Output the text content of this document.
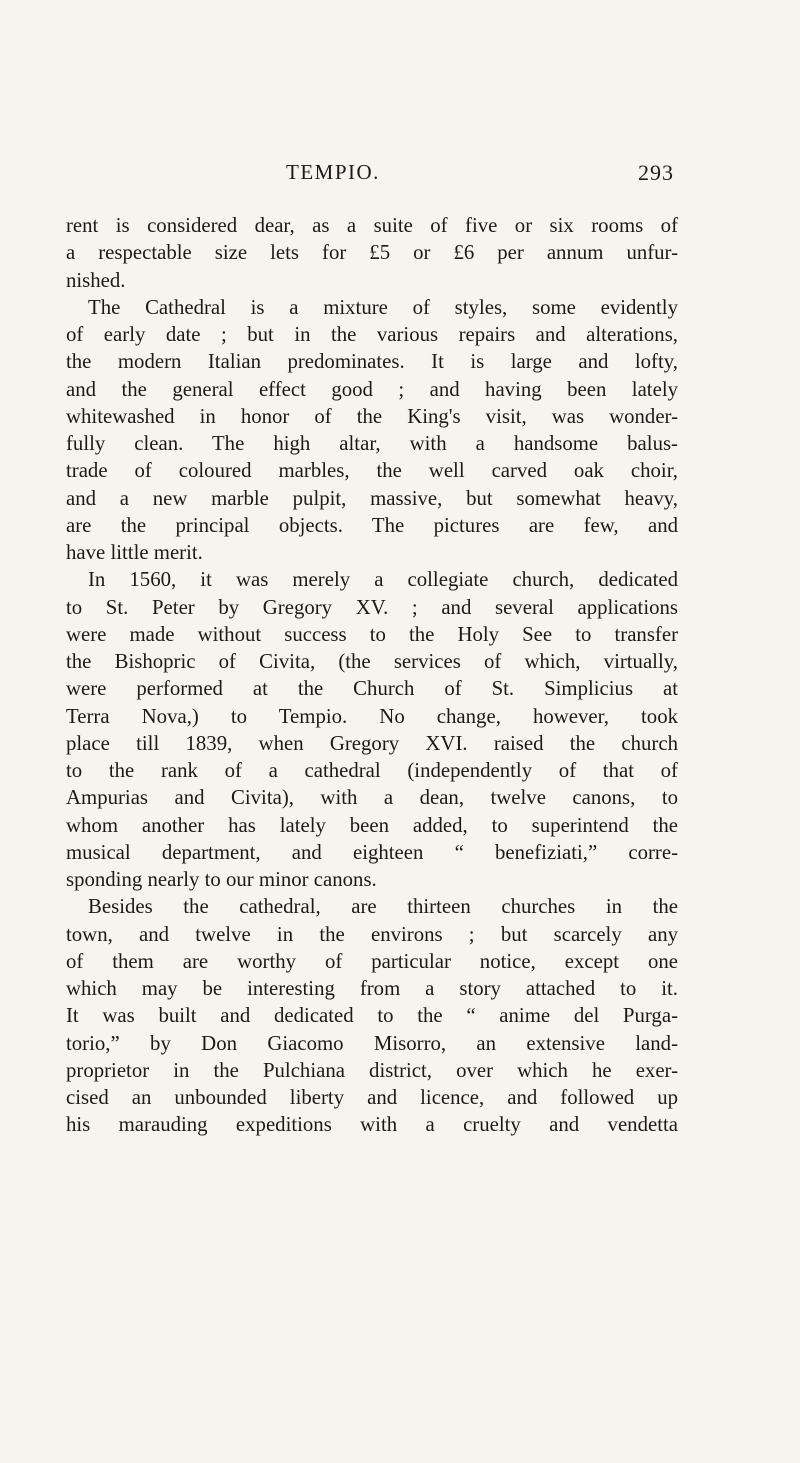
TEMPIO.	293
rent is considered dear, as a suite of five or six rooms of
a respectable size lets for £5 or £6 per annum unfur-
nished.
The Cathedral is a mixture of styles, some evidently
of early date ; but in the various repairs and alterations,
the modern Italian predominates. It is large and lofty,
and the general effect good ; and having been lately
whitewashed in honor of the King's visit, was wonder-
fully clean. The high altar, with a handsome balus-
trade of coloured marbles, the well carved oak choir,
and a new marble pulpit, massive, but somewhat heavy,
are the principal objects. The pictures are few, and
have little merit.
In 1560, it was merely a collegiate church, dedicated
to St. Peter by Gregory XV. ; and several applications
were made without success to the Holy See to transfer
the Bishopric of Civita, (the services of which, virtually,
were performed at the Church of St. Simplicius at
Terra Nova,) to Tempio. No change, however, took
place till 1839, when Gregory XVI. raised the church
to the rank of a cathedral (independently of that of
Ampurias and Civita), with a dean, twelve canons, to
whom another has lately been added, to superintend the
musical department, and eighteen “ benefiziati,” corre-
sponding nearly to our minor canons.
Besides the cathedral, are thirteen churches in the
town, and twelve in the environs ; but scarcely any
of them are worthy of particular notice, except one
which may be interesting from a story attached to it.
It was built and dedicated to the “ anime del Purga-
torio,” by Don Giacomo Misorro, an extensive land-
proprietor in the Pulchiana district, over which he exer-
cised an unbounded liberty and licence, and followed up
his marauding expeditions with a cruelty and vendetta
